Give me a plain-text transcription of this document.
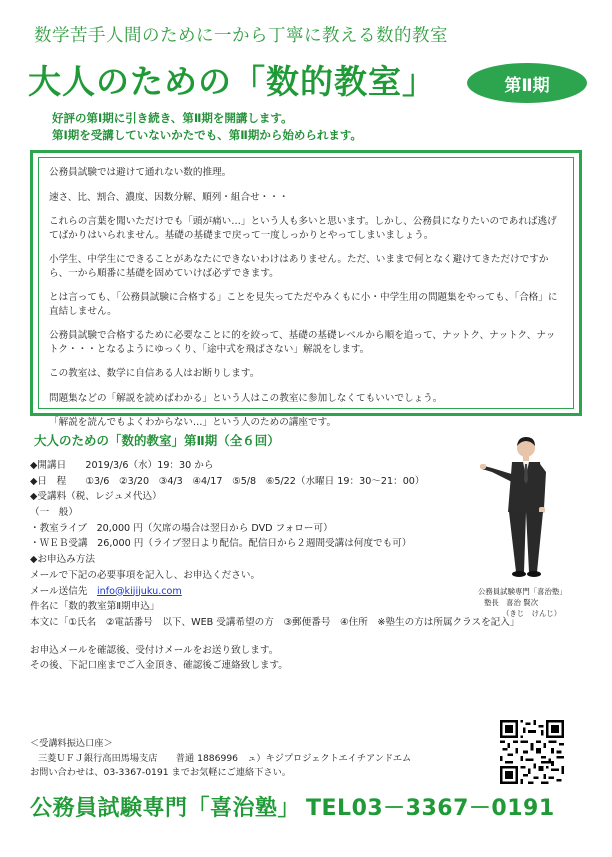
数学苦手人間のために一から丁寧に教える数的教室
大人のための「数的教室」	第Ⅱ期
好評の第Ⅰ期に引き続き、第Ⅱ期を開講します。
第Ⅰ期を受講していないかたでも、第Ⅱ期から始められます。

公務員試験では避けて通れない数的推理。

速さ、比、割合、濃度、因数分解、順列・組合せ・・・

これらの言葉を聞いただけでも「頭が痛い…」という人も多いと思います。しかし、公務員になりたいのであれば逃げてばかりはいられません。基礎の基礎まで戻って一度しっかりとやってしまいましょう。

小学生、中学生にできることがあなたにできないわけはありません。ただ、いままで何となく避けてきただけですから、一から順番に基礎を固めていけば必ずできます。

とは言っても、「公務員試験に合格する」ことを見失ってただやみくもに小・中学生用の問題集をやっても、「合格」に直結しません。

公務員試験で合格するために必要なことに的を絞って、基礎の基礎レベルから順を追って、ナットク、ナットク、ナットク・・・となるようにゆっくり、「途中式を飛ばさない」解説をします。

この教室は、数学に自信ある人はお断りします。

問題集などの「解説を読めばわかる」という人はこの教室に参加しなくてもいいでしょう。

「解説を読んでもよくわからない…」という人のための講座です。

大人のための「数的教室」第Ⅱ期（全６回）
◆開講日　　2019/3/6（水）19：30 から
◆日　程　　①3/6　②3/20　③4/3　④4/17　⑤5/8　⑥5/22（水曜日 19：30〜21：00）
◆受講料（税、レジュメ代込）
（一　般）
・教室ライブ　20,000 円（欠席の場合は翌日から DVD フォロー可）
・ＷＥＢ受講　26,000 円（ライブ翌日より配信。配信日から２週間受講は何度でも可）
◆お申込み方法
メールで下記の必要事項を記入し、お申込ください。
メール送信先　info@kijijuku.com
件名に「数的教室第Ⅱ期申込」
本文に「①氏名　②電話番号　以下、WEB 受講希望の方　③郵便番号　④住所　※塾生の方は所属クラスを記入」
お申込メールを確認後、受付けメールをお送り致します。
その後、下記口座までご入金頂き、確認後ご連絡致します。
公務員試験専門「喜治塾」
塾長　喜治 賢次
（きじ　けんじ）
＜受講料振込口座＞
三菱ＵＦＪ銀行高田馬場支店　　普通 1886996　ュ）キジプロジェクトエイチアンドエム
お問い合わせは、03-3367-0191 までお気軽にご連絡下さい。
公務員試験専門「喜治塾」 TEL03－3367－0191
